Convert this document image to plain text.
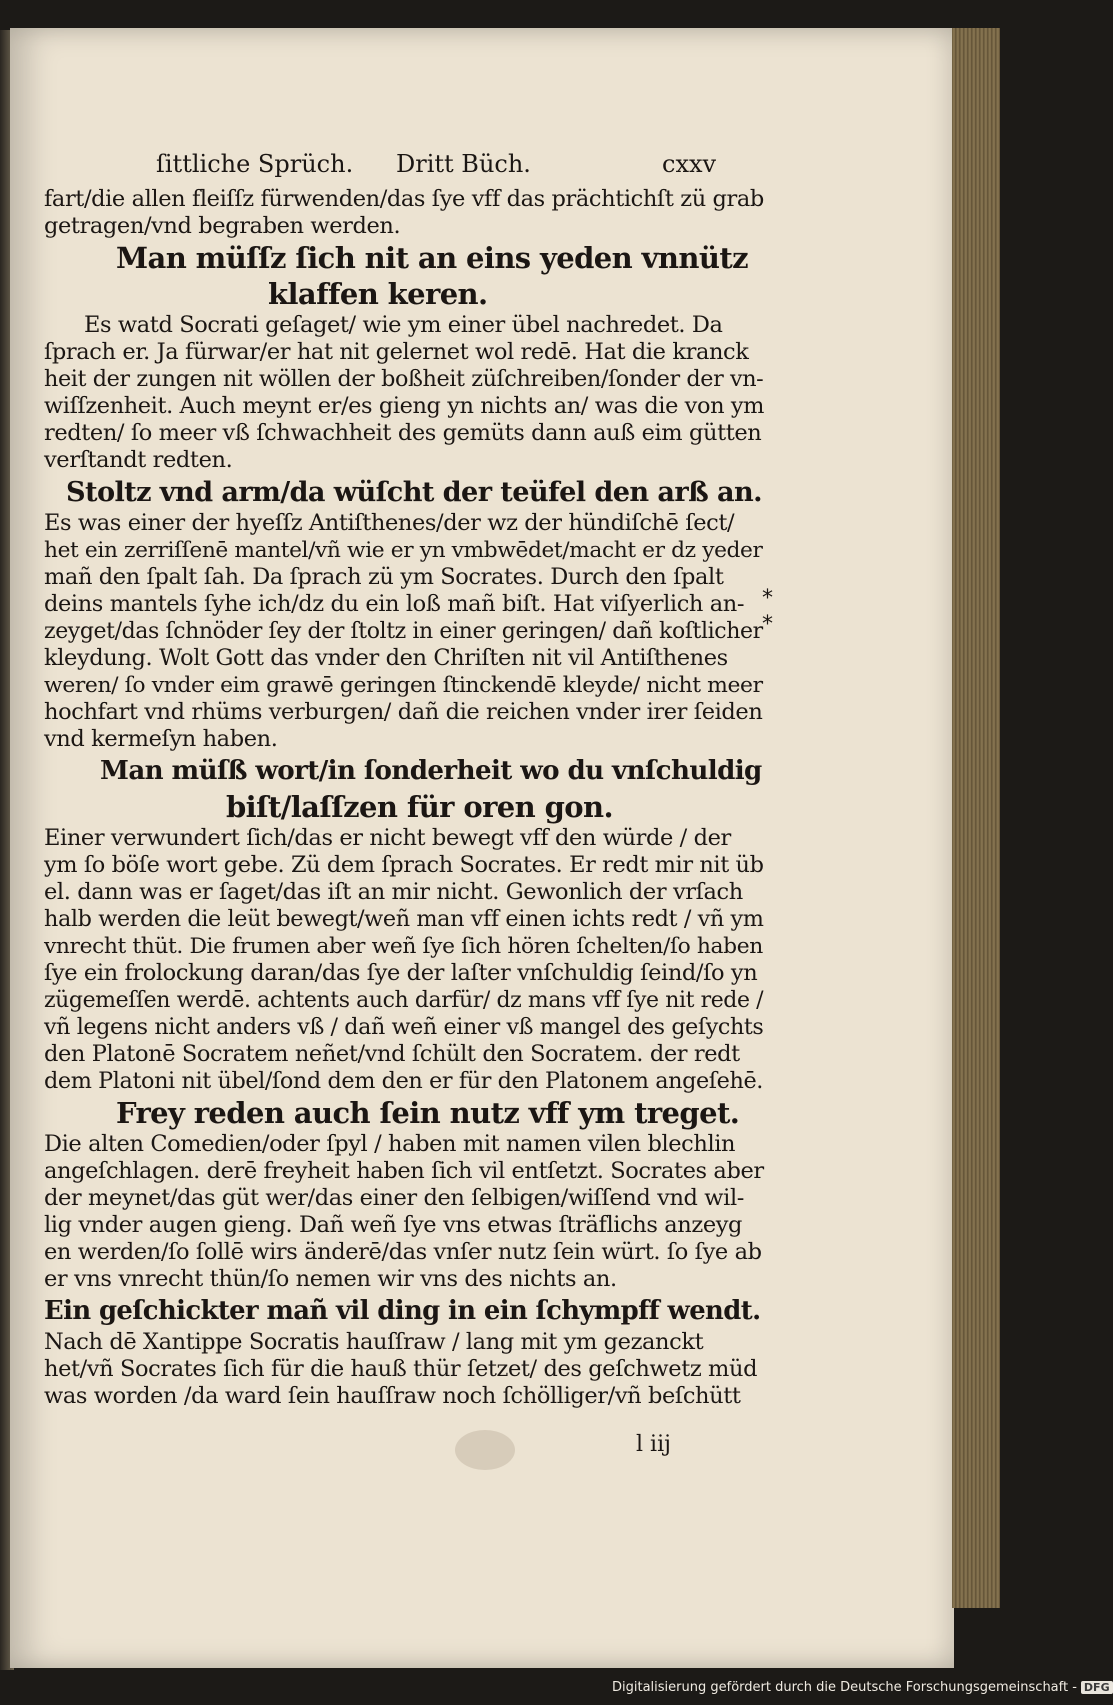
ſittliche Sprüch. Dritt Büch.	cxxv
fart/die allen fleiſſz fürwenden/das ſye vff das prächtichſt zü grab
getragen/vnd begraben werden.
Man müſſz ſich nit an eins yeden vnnütz
klaffen keren.
Es watd Socrati geſaget/ wie ym einer übel nachredet. Da
ſprach er. Ja fürwar/er hat nit gelernet wol redē. Hat die kranck
heit der zungen nit wöllen der boßheit züſchreiben/ſonder der vn-
wiſſzenheit. Auch meynt er/es gieng yn nichts an/ was die von ym
redten/ ſo meer vß ſchwachheit des gemüts dann auß eim gütten
verſtandt redten.
Stoltz vnd arm/da wüſcht der teüfel den arß an.
Es was einer der hyeſſz Antiſthenes/der wz der hündiſchē ſect/
het ein zerriſſenē mantel/vñ wie er yn vmbwēdet/macht er dz yeder
mañ den ſpalt ſah. Da ſprach zü ym Socrates. Durch den ſpalt
deins mantels ſyhe ich/dz du ein loß mañ biſt. Hat viſyerlich an-
zeyget/das ſchnöder ſey der ſtoltz in einer geringen/ dañ koſtlicher
kleydung. Wolt Gott das vnder den Chriſten nit vil Antiſthenes
weren/ ſo vnder eim grawē geringen ſtinckendē kleyde/ nicht meer
hochfart vnd rhüms verburgen/ dañ die reichen vnder irer ſeiden
vnd kermeſyn haben.
Man müſß wort/in ſonderheit wo du vnſchuldig
biſt/laſſzen für oren gon.
Einer verwundert ſich/das er nicht bewegt vff den würde / der
ym ſo böſe wort gebe. Zü dem ſprach Socrates. Er redt mir nit üb
el. dann was er ſaget/das iſt an mir nicht. Gewonlich der vrſach
halb werden die leüt bewegt/weñ man vff einen ichts redt / vñ ym
vnrecht thüt. Die frumen aber weñ ſye ſich hören ſchelten/ſo haben
ſye ein frolockung daran/das ſye der laſter vnſchuldig ſeind/ſo yn
zügemeſſen werdē. achtents auch darfür/ dz mans vff ſye nit rede /
vñ legens nicht anders vß / dañ weñ einer vß mangel des geſychts
den Platonē Socratem neñet/vnd ſchült den Socratem. der redt
dem Platoni nit übel/ſond dem den er für den Platonem angeſehē.
Frey reden auch ſein nutz vff ym treget.
Die alten Comedien/oder ſpyl / haben mit namen vilen blechlin
angeſchlagen. derē freyheit haben ſich vil entſetzt. Socrates aber
der meynet/das güt wer/das einer den ſelbigen/wiſſend vnd wil-
lig vnder augen gieng. Dañ weñ ſye vns etwas ſträflichs anzeyg
en werden/ſo ſollē wirs änderē/das vnſer nutz ſein würt. ſo ſye ab
er vns vnrecht thün/ſo nemen wir vns des nichts an.
Ein geſchickter mañ vil ding in ein ſchympff wendt.
Nach dē Xantippe Socratis hauſſraw / lang mit ym gezanckt
het/vñ Socrates ſich für die hauß thür ſetzet/ des geſchwetz müd
was worden /da ward ſein hauſſraw noch ſchölliger/vñ beſchütt
l iij
*
*
Digitalisierung gefördert durch die Deutsche Forschungsgemeinschaft - DFG
